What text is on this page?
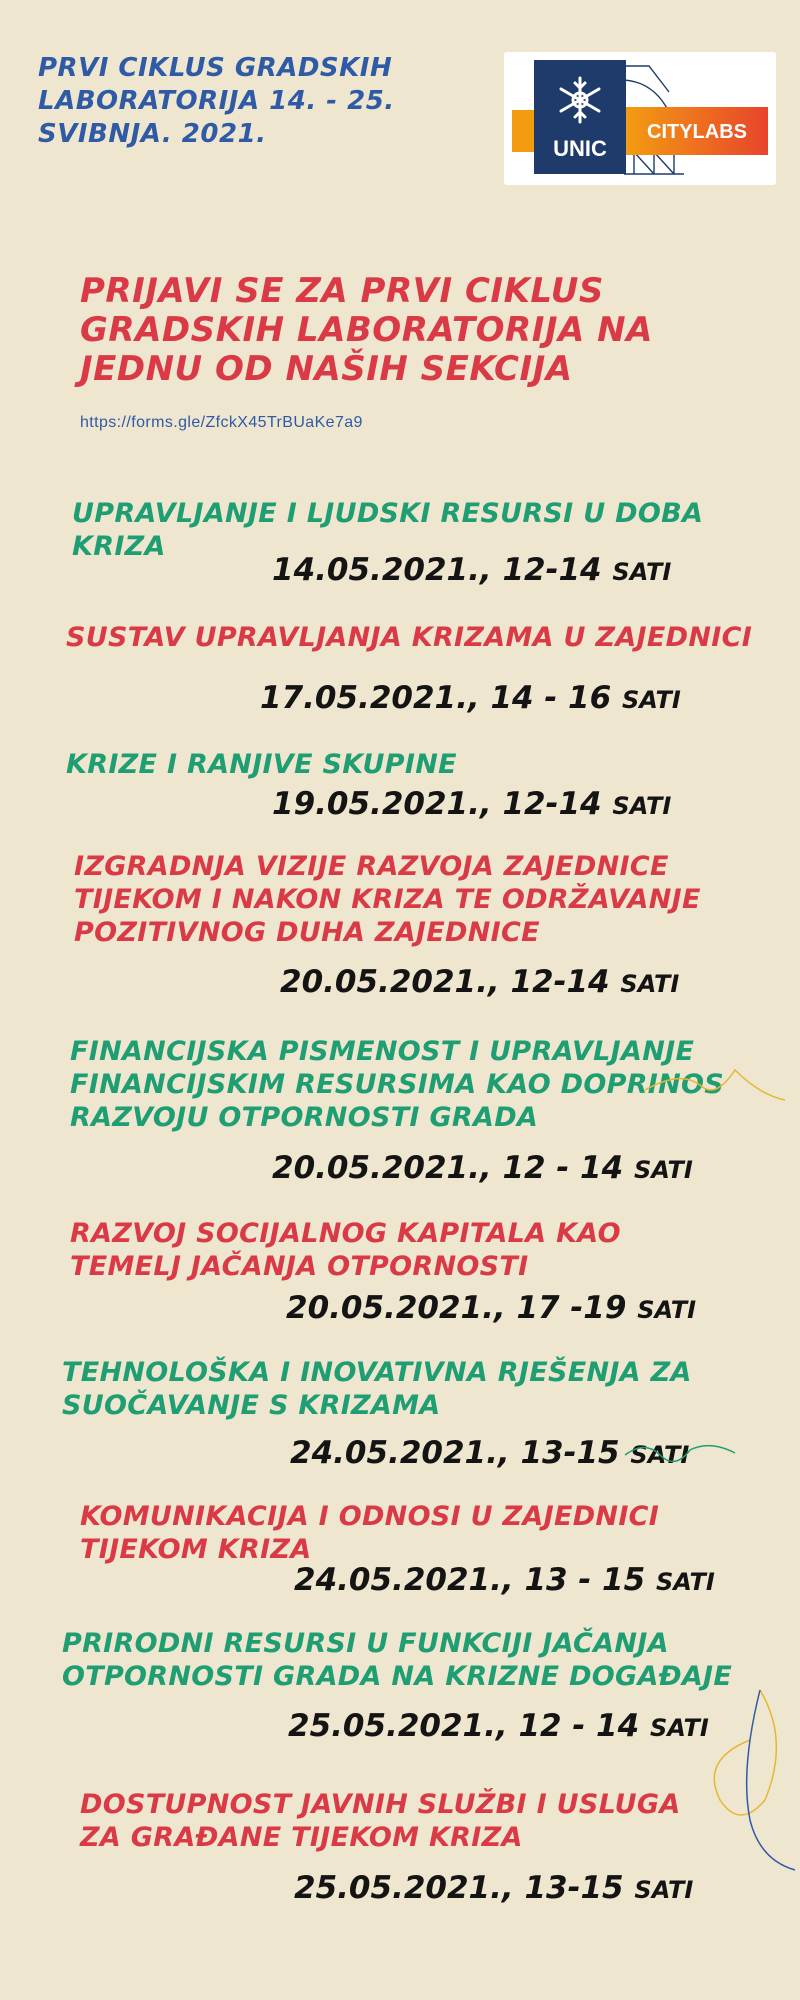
PRVI CIKLUS GRADSKIH LABORATORIJA 14. - 25. SVIBNJA. 2021.	UNIC
CITYLABS
PRIJAVI SE ZA PRVI CIKLUS GRADSKIH LABORATORIJA NA JEDNU OD NAŠIH SEKCIJA
https://forms.gle/ZfckX45TrBUaKe7a9
UPRAVLJANJE I LJUDSKI RESURSI U DOBA KRIZA
14.05.2021., 12-14 SATI
SUSTAV UPRAVLJANJA KRIZAMA U ZAJEDNICI
17.05.2021., 14 - 16 SATI
KRIZE I RANJIVE SKUPINE
19.05.2021., 12-14 SATI
IZGRADNJA VIZIJE RAZVOJA ZAJEDNICE TIJEKOM I NAKON KRIZA TE ODRŽAVANJE POZITIVNOG DUHA ZAJEDNICE
20.05.2021., 12-14 SATI
FINANCIJSKA PISMENOST I UPRAVLJANJE FINANCIJSKIM RESURSIMA KAO DOPRINOS RAZVOJU OTPORNOSTI GRADA
20.05.2021., 12 - 14 SATI
RAZVOJ SOCIJALNOG KAPITALA KAO TEMELJ JAČANJA OTPORNOSTI
20.05.2021., 17 -19 SATI
TEHNOLOŠKA I INOVATIVNA RJEŠENJA ZA SUOČAVANJE S KRIZAMA
24.05.2021., 13-15 SATI
KOMUNIKACIJA I ODNOSI U ZAJEDNICI TIJEKOM KRIZA
24.05.2021., 13 - 15 SATI
PRIRODNI RESURSI U FUNKCIJI JAČANJA OTPORNOSTI GRADA NA KRIZNE DOGAĐAJE
25.05.2021., 12 - 14 SATI
DOSTUPNOST JAVNIH SLUŽBI I USLUGA ZA GRAĐANE TIJEKOM KRIZA
25.05.2021., 13-15 SATI
